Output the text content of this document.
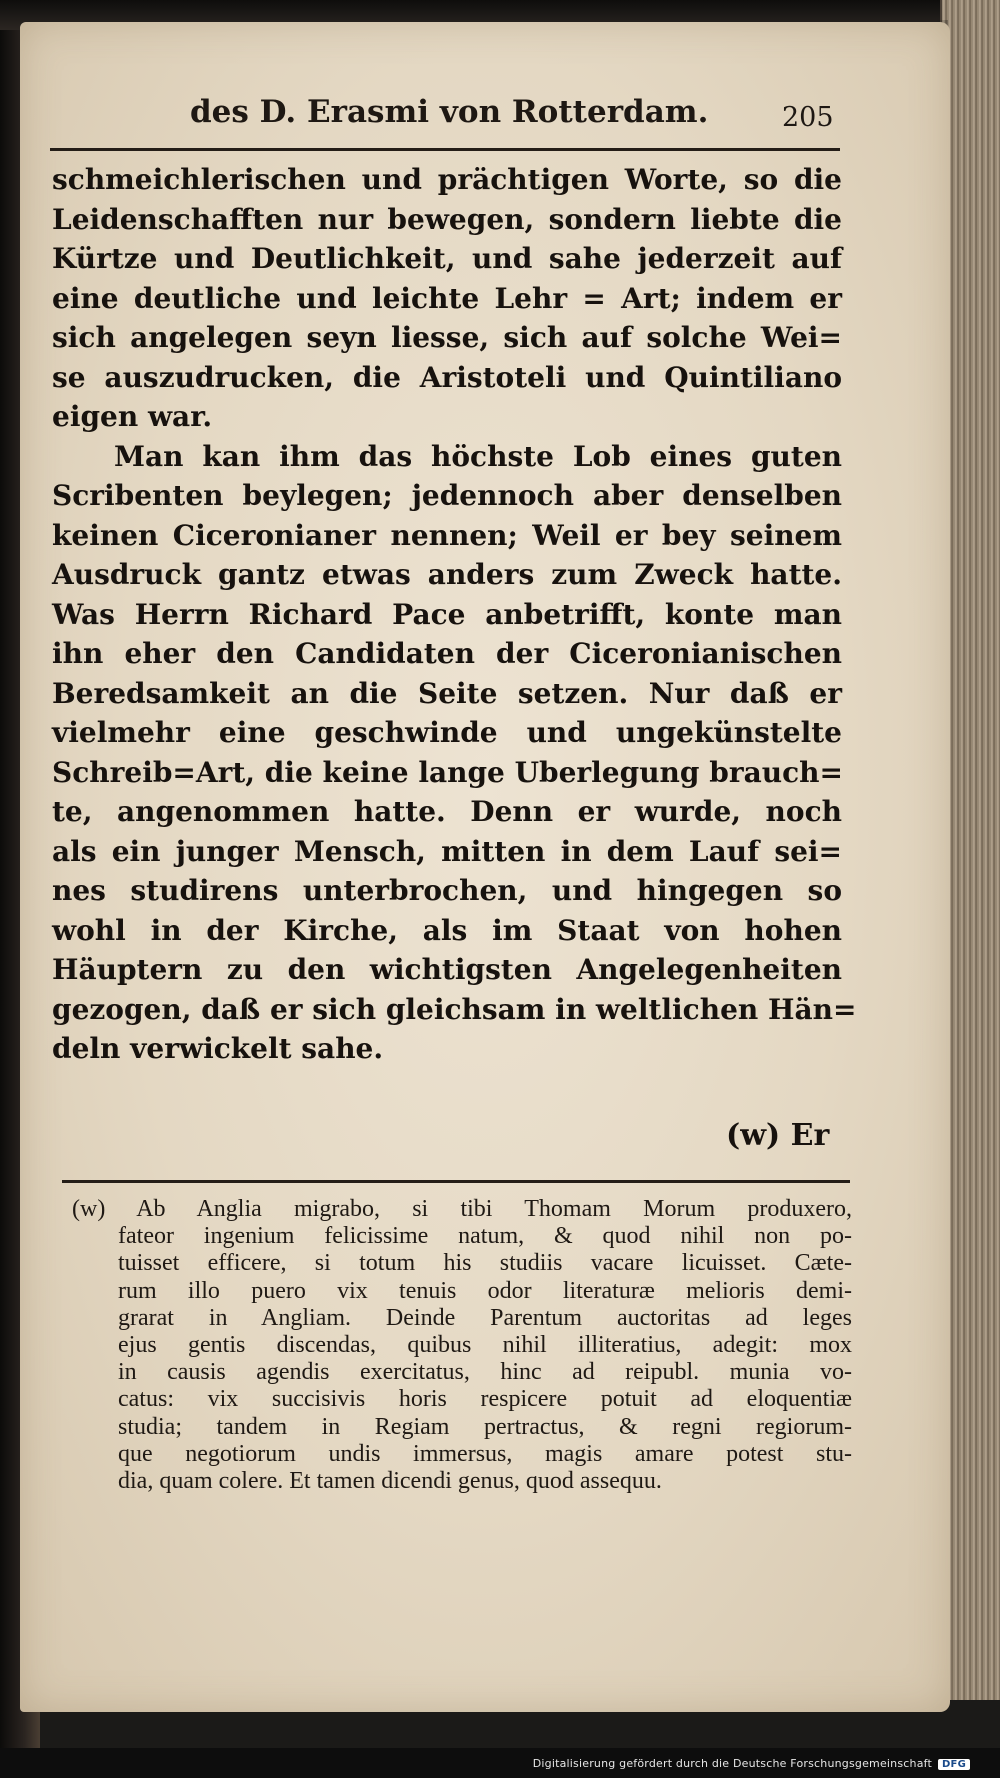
des D. Erasmi von Rotterdam.	205
schmeichlerischen und prächtigen Worte, so die
Leidenschafften nur bewegen, sondern liebte die
Kürtze und Deutlichkeit, und sahe jederzeit auf
eine deutliche und leichte Lehr = Art; indem er
sich angelegen seyn liesse, sich auf solche Wei=
se auszudrucken, die Aristoteli und Quintiliano
eigen war.
Man kan ihm das höchste Lob eines guten
Scribenten beylegen; jedennoch aber denselben
keinen Ciceronianer nennen; Weil er bey seinem
Ausdruck gantz etwas anders zum Zweck hatte.
Was Herrn Richard Pace anbetrifft, konte man
ihn eher den Candidaten der Ciceronianischen
Beredsamkeit an die Seite setzen. Nur daß er
vielmehr eine geschwinde und ungekünstelte
Schreib=Art, die keine lange Uberlegung brauch=
te, angenommen hatte. Denn er wurde, noch
als ein junger Mensch, mitten in dem Lauf sei=
nes studirens unterbrochen, und hingegen so
wohl in der Kirche, als im Staat von hohen
Häuptern zu den wichtigsten Angelegenheiten
gezogen, daß er sich gleichsam in weltlichen Hän=
deln verwickelt sahe.
(w) Er
(w) Ab Anglia migrabo, si tibi Thomam Morum produxero,
fateor ingenium felicissime natum, & quod nihil non po-
tuisset efficere, si totum his studiis vacare licuisset. Cæte-
rum illo puero vix tenuis odor literaturæ melioris demi-
grarat in Angliam. Deinde Parentum auctoritas ad leges
ejus gentis discendas, quibus nihil illiteratius, adegit: mox
in causis agendis exercitatus, hinc ad reipubl. munia vo-
catus: vix succisivis horis respicere potuit ad eloquentiæ
studia; tandem in Regiam pertractus, & regni regiorum-
que negotiorum undis immersus, magis amare potest stu-
dia, quam colere. Et tamen dicendi genus, quod assequu.
Digitalisierung gefördert durch die Deutsche Forschungsgemeinschaft DFG
